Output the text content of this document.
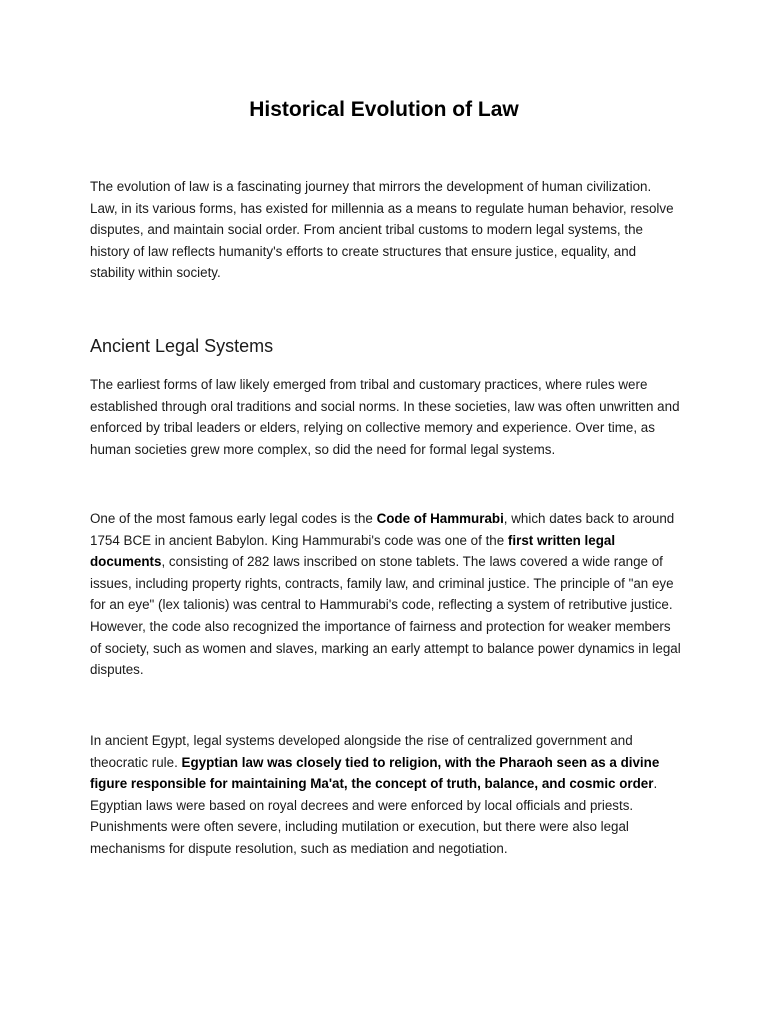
Historical Evolution of Law

The evolution of law is a fascinating journey that mirrors the development of human civilization. Law, in its various forms, has existed for millennia as a means to regulate human behavior, resolve disputes, and maintain social order. From ancient tribal customs to modern legal systems, the history of law reflects humanity's efforts to create structures that ensure justice, equality, and stability within society.

Ancient Legal Systems

The earliest forms of law likely emerged from tribal and customary practices, where rules were established through oral traditions and social norms. In these societies, law was often unwritten and enforced by tribal leaders or elders, relying on collective memory and experience. Over time, as human societies grew more complex, so did the need for formal legal systems.

One of the most famous early legal codes is the Code of Hammurabi, which dates back to around 1754 BCE in ancient Babylon. King Hammurabi's code was one of the first written legal documents, consisting of 282 laws inscribed on stone tablets. The laws covered a wide range of issues, including property rights, contracts, family law, and criminal justice. The principle of "an eye for an eye" (lex talionis) was central to Hammurabi's code, reflecting a system of retributive justice. However, the code also recognized the importance of fairness and protection for weaker members of society, such as women and slaves, marking an early attempt to balance power dynamics in legal disputes.

In ancient Egypt, legal systems developed alongside the rise of centralized government and theocratic rule. Egyptian law was closely tied to religion, with the Pharaoh seen as a divine figure responsible for maintaining Ma'at, the concept of truth, balance, and cosmic order. Egyptian laws were based on royal decrees and were enforced by local officials and priests. Punishments were often severe, including mutilation or execution, but there were also legal mechanisms for dispute resolution, such as mediation and negotiation.
